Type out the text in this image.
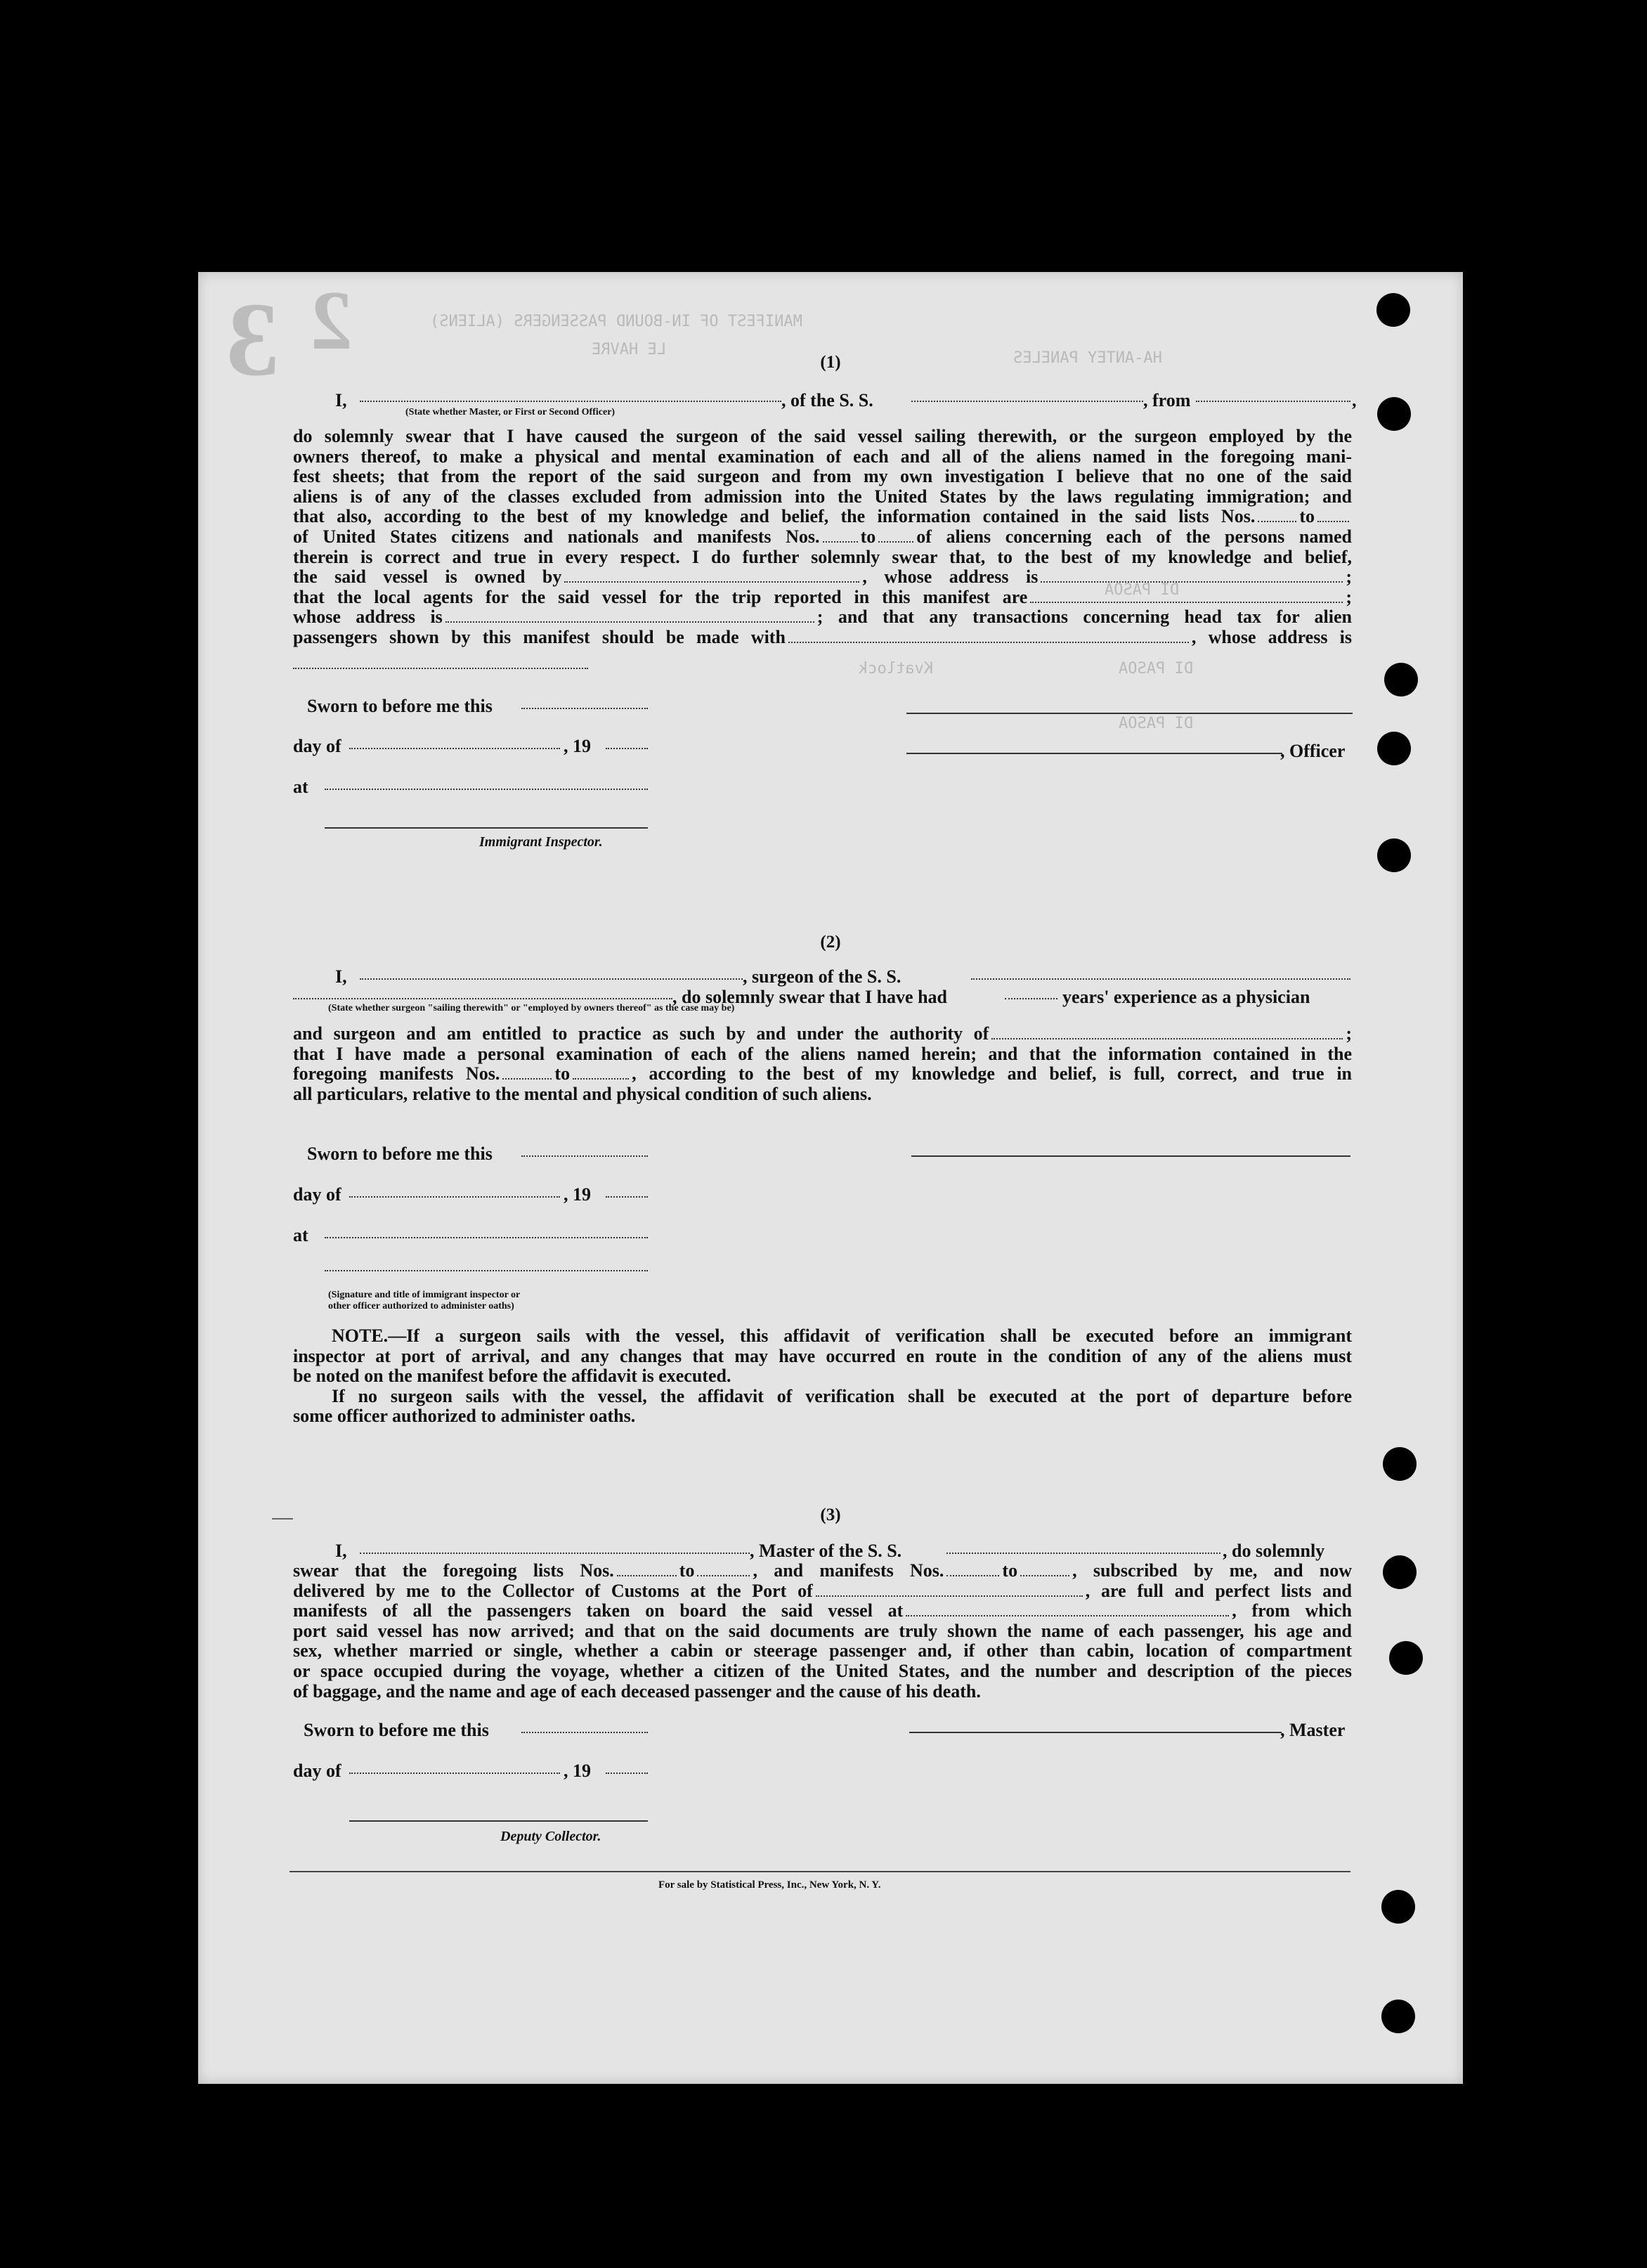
3 2	MANIFEST OF IN-BOUND PASSENGERS (ALIENS)
LE HAVRE	HA-ANTEY PANELES
DI PASOA
Kvatlock	DI PASOA
DI PASOA
(1)
I,
(State whether Master, or First or Second Officer)
, of the S. S.	, from	,
do solemnly swear that I have caused the surgeon of the said vessel sailing therewith, or the surgeon employed by the
owners thereof, to make a physical and mental examination of each and all of the aliens named in the foregoing mani-
fest sheets; that from the report of the said surgeon and from my own investigation I believe that no one of the said
aliens is of any of the classes excluded from admission into the United States by the laws regulating immigration; and
that also, according to the best of my knowledge and belief, the information contained in the said lists Nos. to
of United States citizens and nationals and manifests Nos. to of aliens concerning each of the persons named
therein is correct and true in every respect. I do further solemnly swear that, to the best of my knowledge and belief,
the said vessel is owned by	, whose address is	;
that the local agents for the said vessel for the trip reported in this manifest are	;
whose address is	; and that any transactions concerning head tax for alien
passengers shown by this manifest should be made with	, whose address is
Sworn to before me this
day of	, 19
at
Immigrant Inspector.
, Officer
(2)
I,	, surgeon of the S. S.
(State whether surgeon "sailing therewith" or "employed by owners thereof" as the case may be)
, do solemnly swear that I have had	years' experience as a physician
and surgeon and am entitled to practice as such by and under the authority of	;
that I have made a personal examination of each of the aliens named herein; and that the information contained in the
foregoing manifests Nos.	to	, according to the best of my knowledge and belief, is full, correct, and true in
all particulars, relative to the mental and physical condition of such aliens.
Sworn to before me this
day of	, 19
at
(Signature and title of immigrant inspector or
other officer authorized to administer oaths)
NOTE.—If a surgeon sails with the vessel, this affidavit of verification shall be executed before an immigrant
inspector at port of arrival, and any changes that may have occurred en route in the condition of any of the aliens must
be noted on the manifest before the affidavit is executed.
If no surgeon sails with the vessel, the affidavit of verification shall be executed at the port of departure before
some officer authorized to administer oaths.
(3)
I,	, Master of the S. S.	, do solemnly
swear that the foregoing lists Nos.	to	, and manifests Nos.	to	, subscribed by me, and now
delivered by me to the Collector of Customs at the Port of	, are full and perfect lists and
manifests of all the passengers taken on board the said vessel at	, from which
port said vessel has now arrived; and that on the said documents are truly shown the name of each passenger, his age and
sex, whether married or single, whether a cabin or steerage passenger and, if other than cabin, location of compartment
or space occupied during the voyage, whether a citizen of the United States, and the number and description of the pieces
of baggage, and the name and age of each deceased passenger and the cause of his death.
Sworn to before me this	, Master
day of	, 19
Deputy Collector.
For sale by Statistical Press, Inc., New York, N. Y.
